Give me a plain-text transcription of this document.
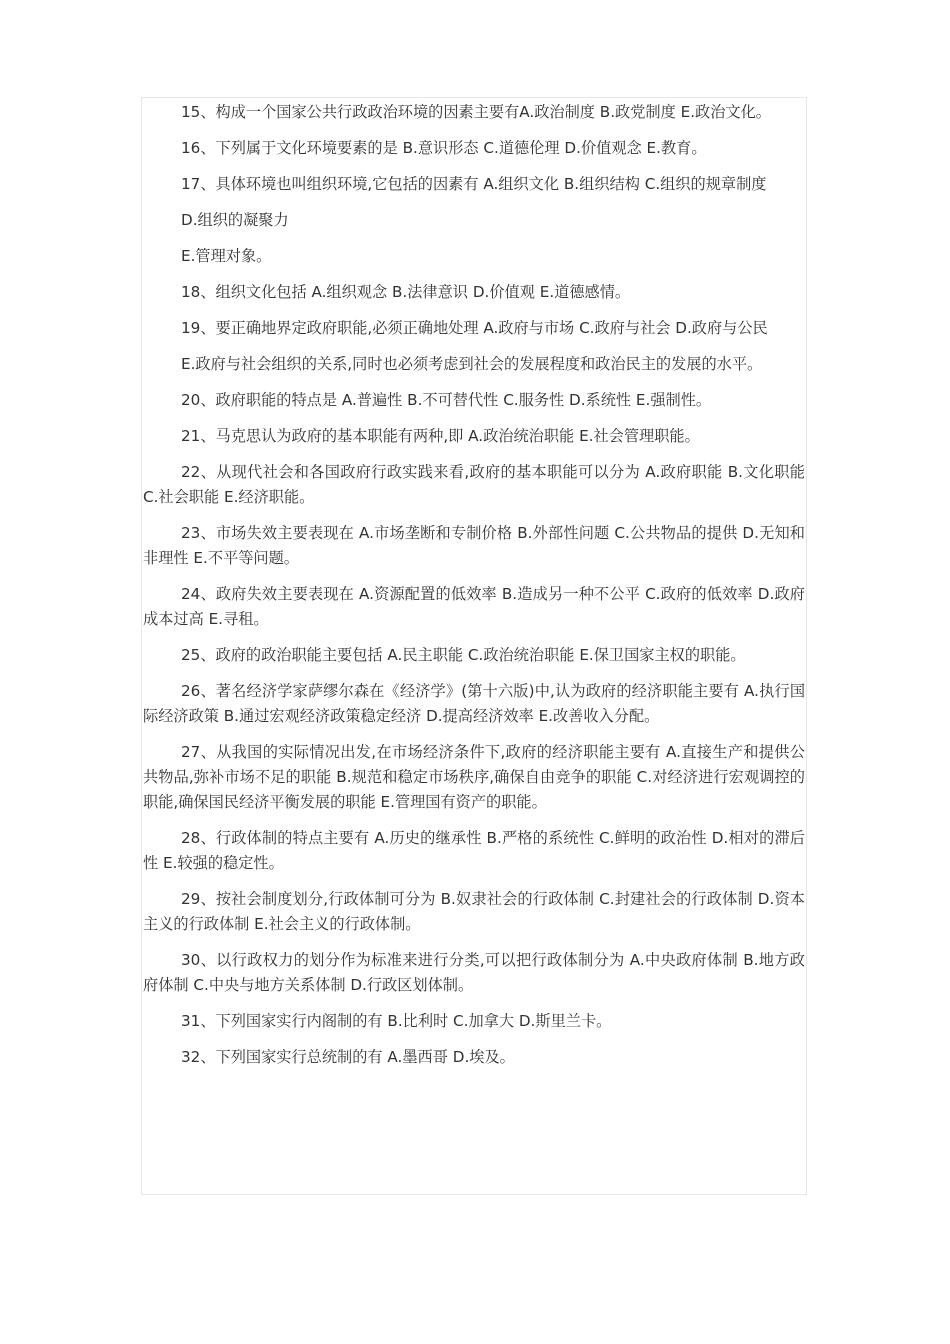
15、构成一个国家公共行政政治环境的因素主要有A.政治制度 B.政党制度 E.政治文化。

16、下列属于文化环境要素的是 B.意识形态 C.道德伦理 D.价值观念 E.教育。

17、具体环境也叫组织环境,它包括的因素有 A.组织文化 B.组织结构 C.组织的规章制度

D.组织的凝聚力

E.管理对象。

18、组织文化包括 A.组织观念 B.法律意识 D.价值观 E.道德感情。

19、要正确地界定政府职能,必须正确地处理 A.政府与市场 C.政府与社会 D.政府与公民

E.政府与社会组织的关系,同时也必须考虑到社会的发展程度和政治民主的发展的水平。

20、政府职能的特点是 A.普遍性 B.不可替代性 C.服务性 D.系统性 E.强制性。

21、马克思认为政府的基本职能有两种,即 A.政治统治职能 E.社会管理职能。

22、从现代社会和各国政府行政实践来看,政府的基本职能可以分为 A.政府职能 B.文化职能 C.社会职能 E.经济职能。

23、市场失效主要表现在 A.市场垄断和专制价格 B.外部性问题 C.公共物品的提供 D.无知和非理性 E.不平等问题。

24、政府失效主要表现在 A.资源配置的低效率 B.造成另一种不公平 C.政府的低效率 D.政府成本过高 E.寻租。

25、政府的政治职能主要包括 A.民主职能 C.政治统治职能 E.保卫国家主权的职能。

26、著名经济学家萨缪尔森在《经济学》(第十六版)中,认为政府的经济职能主要有 A.执行国际经济政策 B.通过宏观经济政策稳定经济 D.提高经济效率 E.改善收入分配。

27、从我国的实际情况出发,在市场经济条件下,政府的经济职能主要有 A.直接生产和提供公共物品,弥补市场不足的职能 B.规范和稳定市场秩序,确保自由竞争的职能 C.对经济进行宏观调控的职能,确保国民经济平衡发展的职能 E.管理国有资产的职能。

28、行政体制的特点主要有 A.历史的继承性 B.严格的系统性 C.鲜明的政治性 D.相对的滞后性 E.较强的稳定性。

29、按社会制度划分,行政体制可分为 B.奴隶社会的行政体制 C.封建社会的行政体制 D.资本主义的行政体制 E.社会主义的行政体制。

30、以行政权力的划分作为标准来进行分类,可以把行政体制分为 A.中央政府体制 B.地方政府体制 C.中央与地方关系体制 D.行政区划体制。

31、下列国家实行内阁制的有 B.比利时 C.加拿大 D.斯里兰卡。

32、下列国家实行总统制的有 A.墨西哥 D.埃及。
